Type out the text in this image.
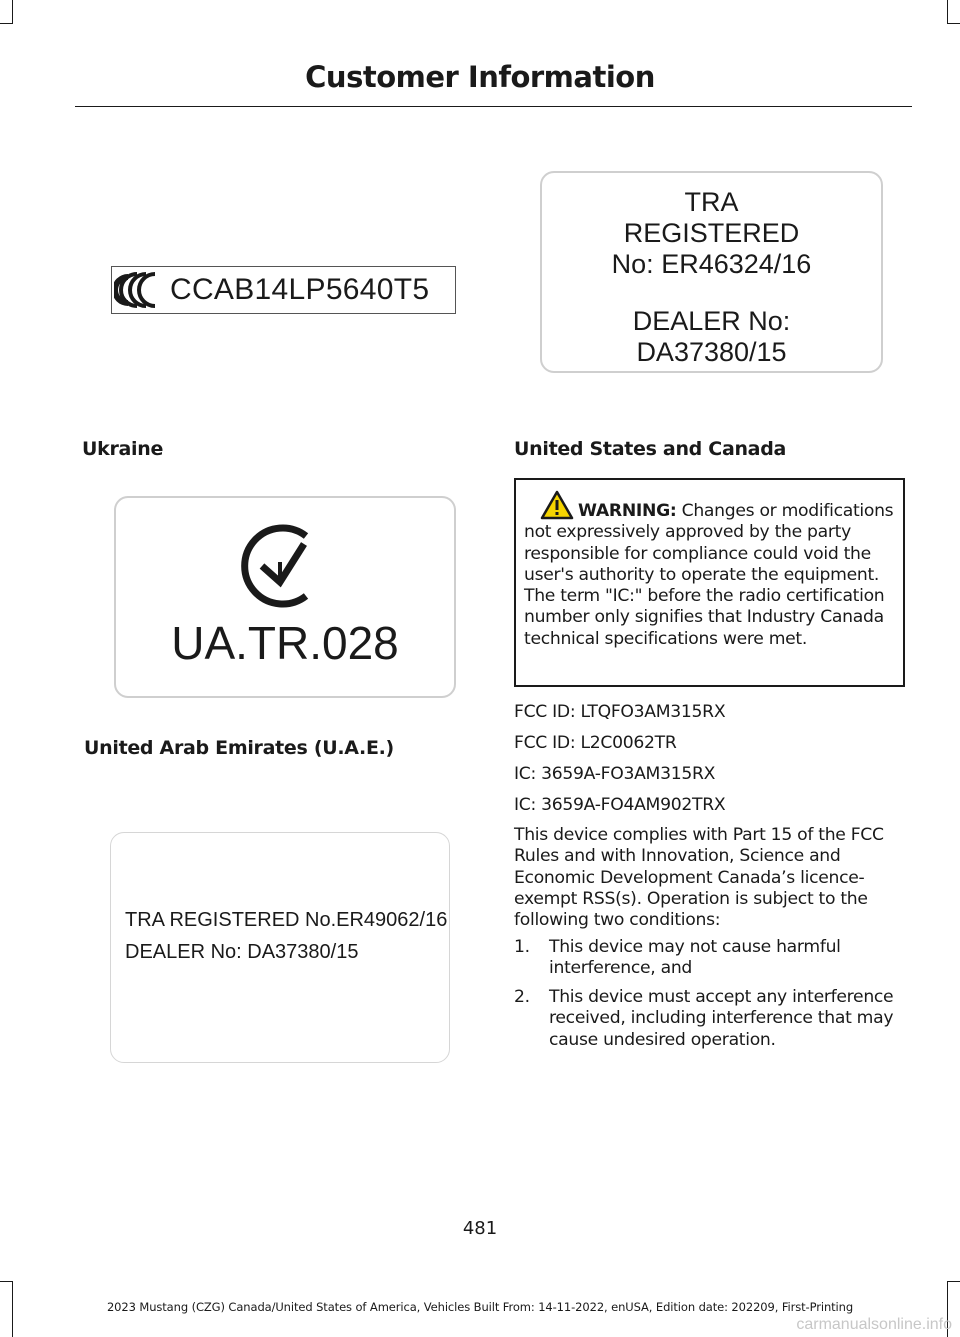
Customer Information
CCAB14LP5640T5
TRA
REGISTERED
No: ER46324/16
DEALER No:
DA37380/15
Ukraine
UA.TR.028
United Arab Emirates (U.A.E.)
TRA REGISTERED No.ER49062/16
DEALER No: DA37380/15
United States and Canada
WARNING: Changes or modifications not expressively approved by the party responsible for compliance could void the user's authority to operate the equipment. The term "IC:" before the radio certification number only signifies that Industry Canada technical specifications were met.
FCC ID: LTQFO3AM315RX
FCC ID: L2C0062TR
IC: 3659A-FO3AM315RX
IC: 3659A-FO4AM902TRX
This device complies with Part 15 of the FCC Rules and with Innovation, Science and Economic Development Canada’s licence-exempt RSS(s). Operation is subject to the following two conditions:
1. This device may not cause harmful interference, and
2. This device must accept any interference received, including interference that may cause undesired operation.
481
2023 Mustang (CZG) Canada/United States of America, Vehicles Built From: 14-11-2022, enUSA, Edition date: 202209, First-Printing
carmanualsonline.info
